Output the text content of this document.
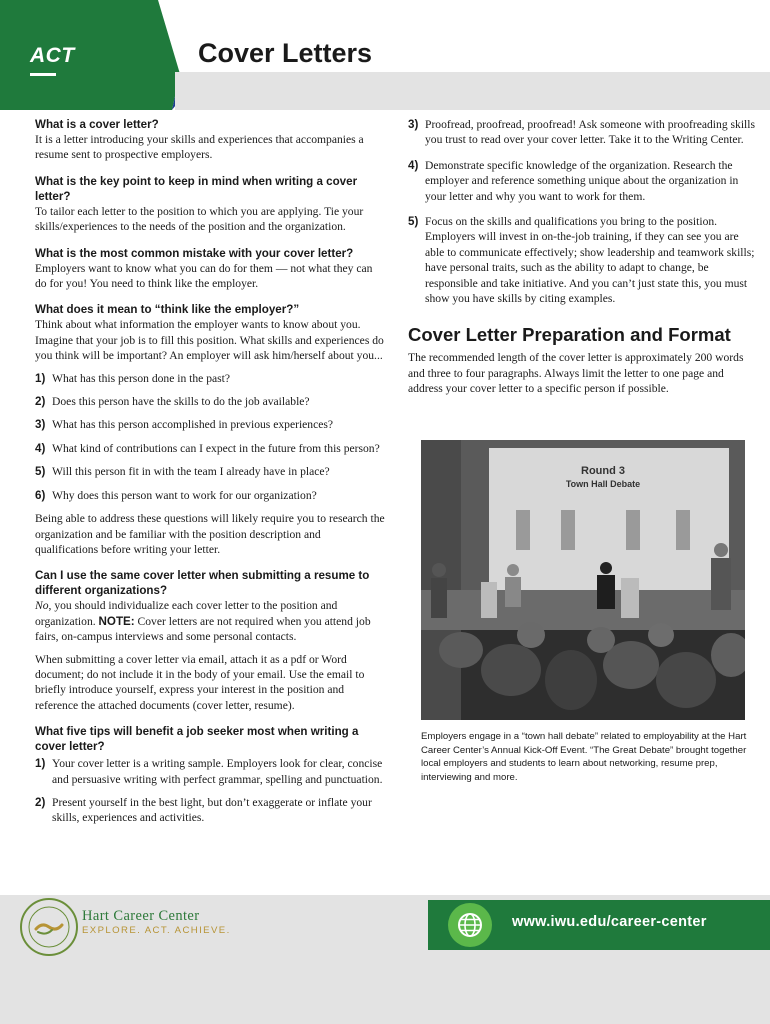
ACT	Cover Letters

What is a cover letter?

It is a letter introducing your skills and experiences that accompanies a resume sent to prospective employers.

What is the key point to keep in mind when writing a cover letter?

To tailor each letter to the position to which you are applying. Tie your skills/experiences to the needs of the position and the organization.

What is the most common mistake with your cover letter?

Employers want to know what you can do for them — not what they can do for you! You need to think like the employer.

What does it mean to “think like the employer?”

Think about what information the employer wants to know about you. Imagine that your job is to fill this position. What skills and experiences do you think will be important? An employer will ask him/herself about you...

1) What has this person done in the past?
2) Does this person have the skills to do the job available?
3) What has this person accomplished in previous experiences?
4) What kind of contributions can I expect in the future from this person?
5) Will this person fit in with the team I already have in place?
6) Why does this person want to work for our organization?

Being able to address these questions will likely require you to research the organization and be familiar with the position description and qualifications before writing your letter.

Can I use the same cover letter when submitting a resume to different organizations?

No, you should individualize each cover letter to the position and organization. NOTE: Cover letters are not required when you attend job fairs, on-campus interviews and some personal contacts.

When submitting a cover letter via email, attach it as a pdf or Word document; do not include it in the body of your email. Use the email to briefly introduce yourself, express your interest in the position and reference the attached documents (cover letter, resume).

What five tips will benefit a job seeker most when writing a cover letter?

1) Your cover letter is a writing sample. Employers look for clear, concise and persuasive writing with perfect grammar, spelling and punctuation.
2) Present yourself in the best light, but don’t exaggerate or inflate your skills, experiences and activities.
3) Proofread, proofread, proofread! Ask someone with proofreading skills you trust to read over your cover letter. Take it to the Writing Center.
4) Demonstrate specific knowledge of the organization. Research the employer and reference something unique about the organization in your letter and why you want to work for them.
5) Focus on the skills and qualifications you bring to the position. Employers will invest in on-the-job training, if they can see you are able to communicate effectively; show leadership and teamwork skills; have personal traits, such as the ability to adapt to change, be responsible and take initiative. And you can’t just state this, you must show you have skills by citing examples.

Cover Letter Preparation and Format

The recommended length of the cover letter is approximately 200 words and three to four paragraphs. Always limit the letter to one page and address your cover letter to a specific person if possible.

Round 3
Town Hall Debate
Employers engage in a “town hall debate” related to employability at the Hart Career Center’s Annual Kick-Off Event. “The Great Debate” brought together local employers and students to learn about networking, resume prep, interviewing and more.
Hart Career Center
EXPLORE. ACT. ACHIEVE.
www.iwu.edu/career-center
